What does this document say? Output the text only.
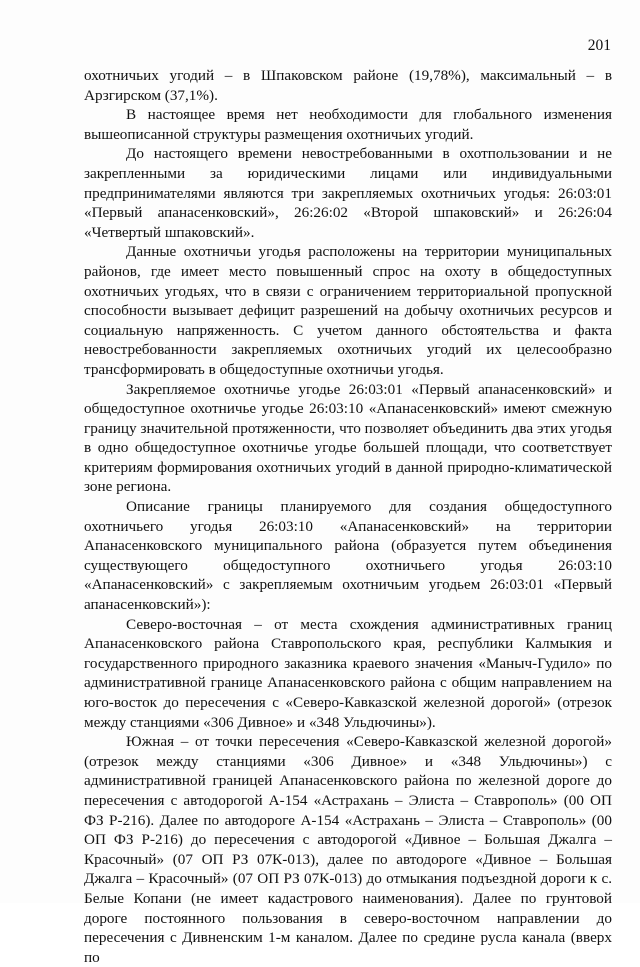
201

охотничьих угодий – в Шпаковском районе (19,78%), максимальный – в Арзгирском (37,1%).

В настоящее время нет необходимости для глобального изменения вышеописанной структуры размещения охотничьих угодий.

До настоящего времени невостребованными в охотпользовании и не закрепленными за юридическими лицами или индивидуальными предпринимателями являются три закрепляемых охотничьих угодья: 26:03:01 «Первый апанасенковский», 26:26:02 «Второй шпаковский» и 26:26:04 «Четвертый шпаковский».

Данные охотничьи угодья расположены на территории муниципальных районов, где имеет место повышенный спрос на охоту в общедоступных охотничьих угодьях, что в связи с ограничением территориальной пропускной способности вызывает дефицит разрешений на добычу охотничьих ресурсов и социальную напряженность. С учетом данного обстоятельства и факта невостребованности закрепляемых охотничьих угодий их целесообразно трансформировать в общедоступные охотничьи угодья.

Закрепляемое охотничье угодье 26:03:01 «Первый апанасенковский» и общедоступное охотничье угодье 26:03:10 «Апанасенковский» имеют смежную границу значительной протяженности, что позволяет объединить два этих угодья в одно общедоступное охотничье угодье большей площади, что соответствует критериям формирования охотничьих угодий в данной природно-климатической зоне региона.

Описание границы планируемого для создания общедоступного охотничьего угодья 26:03:10 «Апанасенковский» на территории Апанасенковского муниципального района (образуется путем объединения существующего общедоступного охотничьего угодья 26:03:10 «Апанасенковский» с закрепляемым охотничьим угодьем 26:03:01 «Первый апанасенковский»):

Северо-восточная – от места схождения административных границ Апанасенковского района Ставропольского края, республики Калмыкия и государственного природного заказника краевого значения «Маныч-Гудило» по административной границе Апанасенковского района с общим направлением на юго-восток до пересечения с «Северо-Кавказской железной дорогой» (отрезок между станциями «306 Дивное» и «348 Ульдючины»).

Южная – от точки пересечения «Северо-Кавказской железной дорогой» (отрезок между станциями «306 Дивное» и «348 Ульдючины») с административной границей Апанасенковского района по железной дороге до пересечения с автодорогой А-154 «Астрахань – Элиста – Ставрополь» (00 ОП ФЗ Р-216). Далее по автодороге А-154 «Астрахань – Элиста – Ставрополь» (00 ОП ФЗ Р-216) до пересечения с автодорогой «Дивное – Большая Джалга – Красочный» (07 ОП РЗ 07К-013), далее по автодороге «Дивное – Большая Джалга – Красочный» (07 ОП РЗ 07К-013) до отмыкания подъездной дороги к с. Белые Копани (не имеет кадастрового наименования). Далее по грунтовой дороге постоянного пользования в северо-восточном направлении до пересечения с Дивненским 1-м каналом. Далее по средине русла канала (вверх по
